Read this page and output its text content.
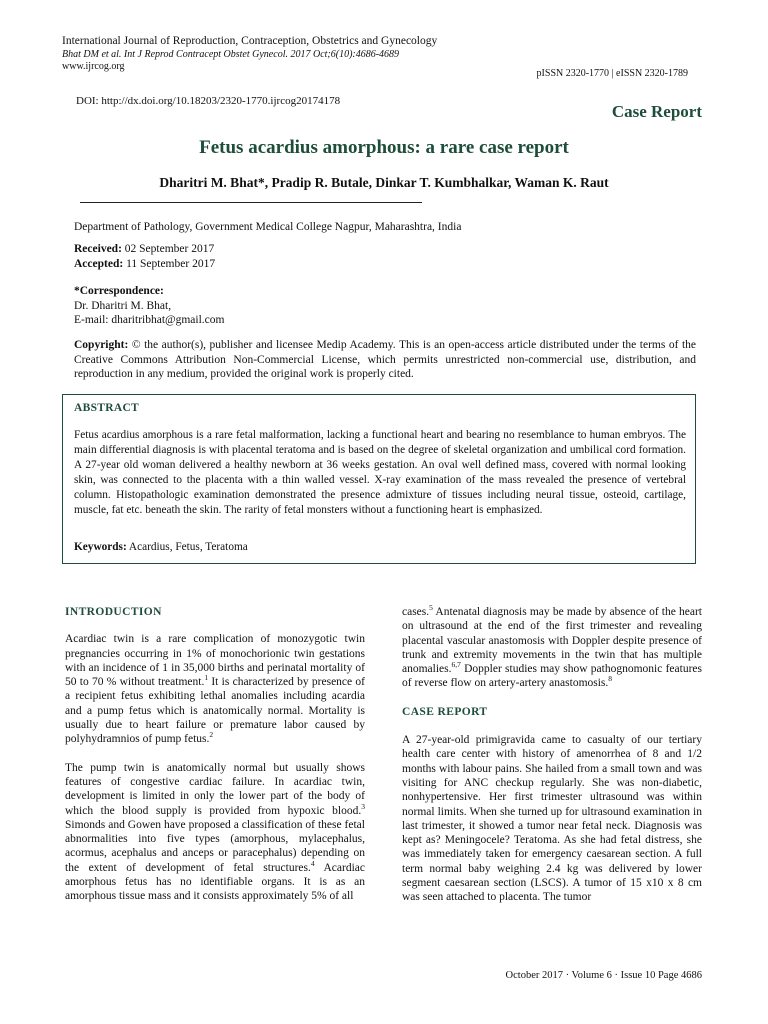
International Journal of Reproduction, Contraception, Obstetrics and Gynecology
Bhat DM et al. Int J Reprod Contracept Obstet Gynecol. 2017 Oct;6(10):4686-4689
www.ijrcog.org
pISSN 2320-1770 | eISSN 2320-1789
DOI: http://dx.doi.org/10.18203/2320-1770.ijrcog20174178
Case Report
Fetus acardius amorphous: a rare case report
Dharitri M. Bhat*, Pradip R. Butale, Dinkar T. Kumbhalkar, Waman K. Raut
Department of Pathology, Government Medical College Nagpur, Maharashtra, India
Received: 02 September 2017
Accepted: 11 September 2017
*Correspondence:
Dr. Dharitri M. Bhat,
E-mail: dharitribhat@gmail.com
Copyright: © the author(s), publisher and licensee Medip Academy. This is an open-access article distributed under the terms of the Creative Commons Attribution Non-Commercial License, which permits unrestricted non-commercial use, distribution, and reproduction in any medium, provided the original work is properly cited.
ABSTRACT
Fetus acardius amorphous is a rare fetal malformation, lacking a functional heart and bearing no resemblance to human embryos. The main differential diagnosis is with placental teratoma and is based on the degree of skeletal organization and umbilical cord formation. A 27-year old woman delivered a healthy newborn at 36 weeks gestation. An oval well defined mass, covered with normal looking skin, was connected to the placenta with a thin walled vessel. X-ray examination of the mass revealed the presence of vertebral column. Histopathologic examination demonstrated the presence admixture of tissues including neural tissue, osteoid, cartilage, muscle, fat etc. beneath the skin. The rarity of fetal monsters without a functioning heart is emphasized.
Keywords: Acardius, Fetus, Teratoma
INTRODUCTION

Acardiac twin is a rare complication of monozygotic twin pregnancies occurring in 1% of monochorionic twin gestations with an incidence of 1 in 35,000 births and perinatal mortality of 50 to 70 % without treatment.$^1$ It is characterized by presence of a recipient fetus exhibiting lethal anomalies including acardia and a pump fetus which is anatomically normal. Mortality is usually due to heart failure or premature labor caused by polyhydramnios of pump fetus.$^2$

The pump twin is anatomically normal but usually shows features of congestive cardiac failure. In acardiac twin, development is limited in only the lower part of the body of which the blood supply is provided from hypoxic blood.$^3$ Simonds and Gowen have proposed a classification of these fetal abnormalities into five types (amorphous, mylacephalus, acormus, acephalus and anceps or paracephalus) depending on the extent of development of fetal structures.$^4$ Acardiac amorphous fetus has no identifiable organs. It is as an amorphous tissue mass and it consists approximately 5% of all

cases.$^5$ Antenatal diagnosis may be made by absence of the heart on ultrasound at the end of the first trimester and revealing placental vascular anastomosis with Doppler despite presence of trunk and extremity movements in the twin that has multiple anomalies.$^{6,7}$ Doppler studies may show pathognomonic features of reverse flow on artery-artery anastomosis.$^8$

CASE REPORT

A 27-year-old primigravida came to casualty of our tertiary health care center with history of amenorrhea of 8 and 1/2 months with labour pains. She hailed from a small town and was visiting for ANC checkup regularly. She was non-diabetic, nonhypertensive. Her first trimester ultrasound was within normal limits. When she turned up for ultrasound examination in last trimester, it showed a tumor near fetal neck. Diagnosis was kept as? Meningocele? Teratoma. As she had fetal distress, she was immediately taken for emergency caesarean section. A full term normal baby weighing 2.4 kg was delivered by lower segment caesarean section (LSCS). A tumor of 15 x10 x 8 cm was seen attached to placenta. The tumor

October 2017 · Volume 6 · Issue 10 Page 4686
